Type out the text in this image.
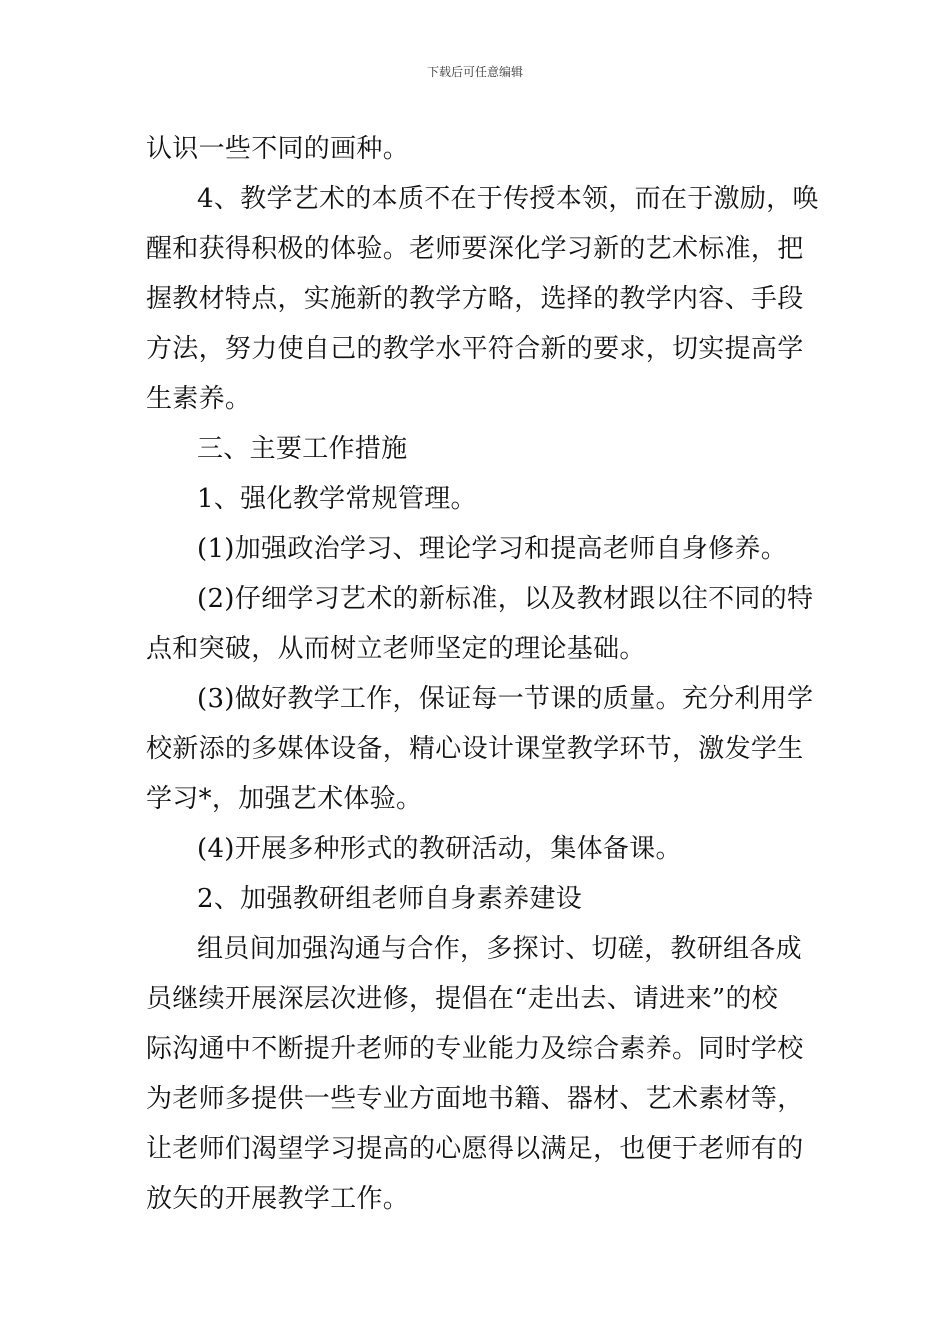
下载后可任意编辑
认识一些不同的画种。
4、教学艺术的本质不在于传授本领，而在于激励，唤
醒和获得积极的体验。老师要深化学习新的艺术标准，把
握教材特点，实施新的教学方略，选择的教学内容、手段
方法，努力使自己的教学水平符合新的要求，切实提高学
生素养。
三、主要工作措施
1、强化教学常规管理。
(1)加强政治学习、理论学习和提高老师自身修养。
(2)仔细学习艺术的新标准，以及教材跟以往不同的特
点和突破，从而树立老师坚定的理论基础。
(3)做好教学工作，保证每一节课的质量。充分利用学
校新添的多媒体设备，精心设计课堂教学环节，激发学生
学习*，加强艺术体验。
(4)开展多种形式的教研活动，集体备课。
2、加强教研组老师自身素养建设
组员间加强沟通与合作，多探讨、切磋，教研组各成
员继续开展深层次进修，提倡在“走出去、请进来”的校
际沟通中不断提升老师的专业能力及综合素养。同时学校
为老师多提供一些专业方面地书籍、器材、艺术素材等，
让老师们渴望学习提高的心愿得以满足，也便于老师有的
放矢的开展教学工作。
